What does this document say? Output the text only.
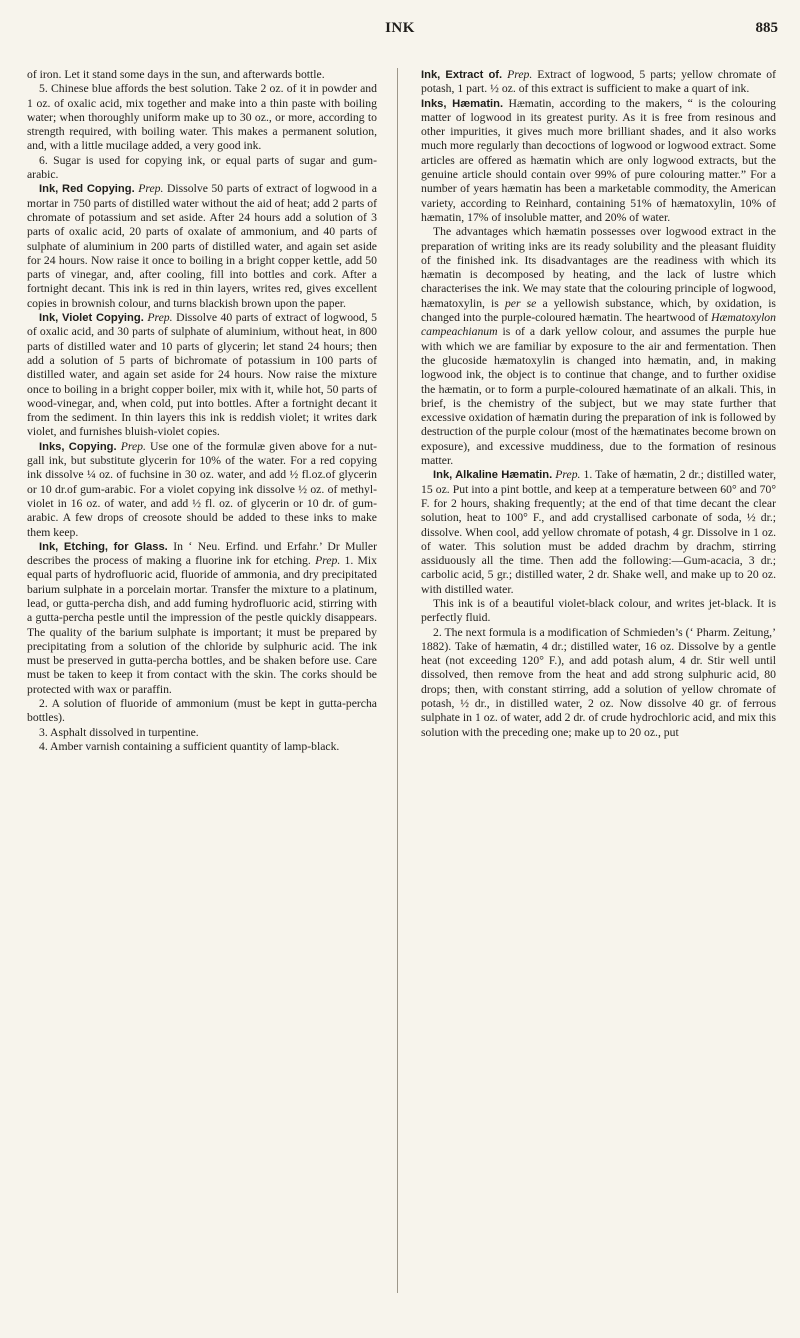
INK	885

of iron. Let it stand some days in the sun, and afterwards bottle.

5. Chinese blue affords the best solution. Take 2 oz. of it in powder and 1 oz. of oxalic acid, mix together and make into a thin paste with boiling water; when thoroughly uniform make up to 30 oz., or more, according to strength required, with boiling water. This makes a permanent solution, and, with a little mucilage added, a very good ink.

6. Sugar is used for copying ink, or equal parts of sugar and gum-arabic.

Ink, Red Copying. Prep. Dissolve 50 parts of extract of logwood in a mortar in 750 parts of distilled water without the aid of heat; add 2 parts of chromate of potassium and set aside. After 24 hours add a solution of 3 parts of oxalic acid, 20 parts of oxalate of ammonium, and 40 parts of sulphate of aluminium in 200 parts of distilled water, and again set aside for 24 hours. Now raise it once to boiling in a bright copper kettle, add 50 parts of vinegar, and, after cooling, fill into bottles and cork. After a fortnight decant. This ink is red in thin layers, writes red, gives excellent copies in brownish colour, and turns blackish brown upon the paper.

Ink, Violet Copying. Prep. Dissolve 40 parts of extract of logwood, 5 of oxalic acid, and 30 parts of sulphate of aluminium, without heat, in 800 parts of distilled water and 10 parts of glycerin; let stand 24 hours; then add a solution of 5 parts of bichromate of potassium in 100 parts of distilled water, and again set aside for 24 hours. Now raise the mixture once to boiling in a bright copper boiler, mix with it, while hot, 50 parts of wood-vinegar, and, when cold, put into bottles. After a fortnight decant it from the sediment. In thin layers this ink is reddish violet; it writes dark violet, and furnishes bluish-violet copies.

Inks, Copying. Prep. Use one of the formulæ given above for a nut-gall ink, but substitute glycerin for 10% of the water. For a red copying ink dissolve ¼ oz. of fuchsine in 30 oz. water, and add ½ fl.oz.of glycerin or 10 dr.of gum-arabic. For a violet copying ink dissolve ½ oz. of methyl-violet in 16 oz. of water, and add ½ fl. oz. of glycerin or 10 dr. of gum-arabic. A few drops of creosote should be added to these inks to make them keep.

Ink, Etching, for Glass. In ‘ Neu. Erfind. und Erfahr.’ Dr Muller describes the process of making a fluorine ink for etching. Prep. 1. Mix equal parts of hydrofluoric acid, fluoride of ammonia, and dry precipitated barium sulphate in a porcelain mortar. Transfer the mixture to a platinum, lead, or gutta-percha dish, and add fuming hydrofluoric acid, stirring with a gutta-percha pestle until the impression of the pestle quickly disappears. The quality of the barium sulphate is important; it must be prepared by precipitating from a solution of the chloride by sulphuric acid. The ink must be preserved in gutta-percha bottles, and be shaken before use. Care must be taken to keep it from contact with the skin. The corks should be protected with wax or paraffin.

2. A solution of fluoride of ammonium (must be kept in gutta-percha bottles).

3. Asphalt dissolved in turpentine.

4. Amber varnish containing a sufficient quantity of lamp-black.

Ink, Extract of. Prep. Extract of logwood, 5 parts; yellow chromate of potash, 1 part. ½ oz. of this extract is sufficient to make a quart of ink.

Inks, Hæmatin. Hæmatin, according to the makers, “ is the colouring matter of logwood in its greatest purity. As it is free from resinous and other impurities, it gives much more brilliant shades, and it also works much more regularly than decoctions of logwood or logwood extract. Some articles are offered as hæmatin which are only logwood extracts, but the genuine article should contain over 99% of pure colouring matter.” For a number of years hæmatin has been a marketable commodity, the American variety, according to Reinhard, containing 51% of hæmatoxylin, 10% of hæmatin, 17% of insoluble matter, and 20% of water.

The advantages which hæmatin possesses over logwood extract in the preparation of writing inks are its ready solubility and the pleasant fluidity of the finished ink. Its disadvantages are the readiness with which its hæmatin is decomposed by heating, and the lack of lustre which characterises the ink. We may state that the colouring principle of logwood, hæmatoxylin, is per se a yellowish substance, which, by oxidation, is changed into the purple-coloured hæmatin. The heartwood of Hæmatoxylon campeachianum is of a dark yellow colour, and assumes the purple hue with which we are familiar by exposure to the air and fermentation. Then the glucoside hæmatoxylin is changed into hæmatin, and, in making logwood ink, the object is to continue that change, and to further oxidise the hæmatin, or to form a purple-coloured hæmatinate of an alkali. This, in brief, is the chemistry of the subject, but we may state further that excessive oxidation of hæmatin during the preparation of ink is followed by destruction of the purple colour (most of the hæmatinates become brown on exposure), and excessive muddiness, due to the formation of resinous matter.

Ink, Alkaline Hæmatin. Prep. 1. Take of hæmatin, 2 dr.; distilled water, 15 oz. Put into a pint bottle, and keep at a temperature between 60° and 70° F. for 2 hours, shaking frequently; at the end of that time decant the clear solution, heat to 100° F., and add crystallised carbonate of soda, ½ dr.; dissolve. When cool, add yellow chromate of potash, 4 gr. Dissolve in 1 oz. of water. This solution must be added drachm by drachm, stirring assiduously all the time. Then add the following:—Gum-acacia, 3 dr.; carbolic acid, 5 gr.; distilled water, 2 dr. Shake well, and make up to 20 oz. with distilled water.

This ink is of a beautiful violet-black colour, and writes jet-black. It is perfectly fluid.

2. The next formula is a modification of Schmieden’s (‘ Pharm. Zeitung,’ 1882). Take of hæmatin, 4 dr.; distilled water, 16 oz. Dissolve by a gentle heat (not exceeding 120° F.), and add potash alum, 4 dr. Stir well until dissolved, then remove from the heat and add strong sulphuric acid, 80 drops; then, with constant stirring, add a solution of yellow chromate of potash, ½ dr., in distilled water, 2 oz. Now dissolve 40 gr. of ferrous sulphate in 1 oz. of water, add 2 dr. of crude hydrochloric acid, and mix this solution with the preceding one; make up to 20 oz., put
